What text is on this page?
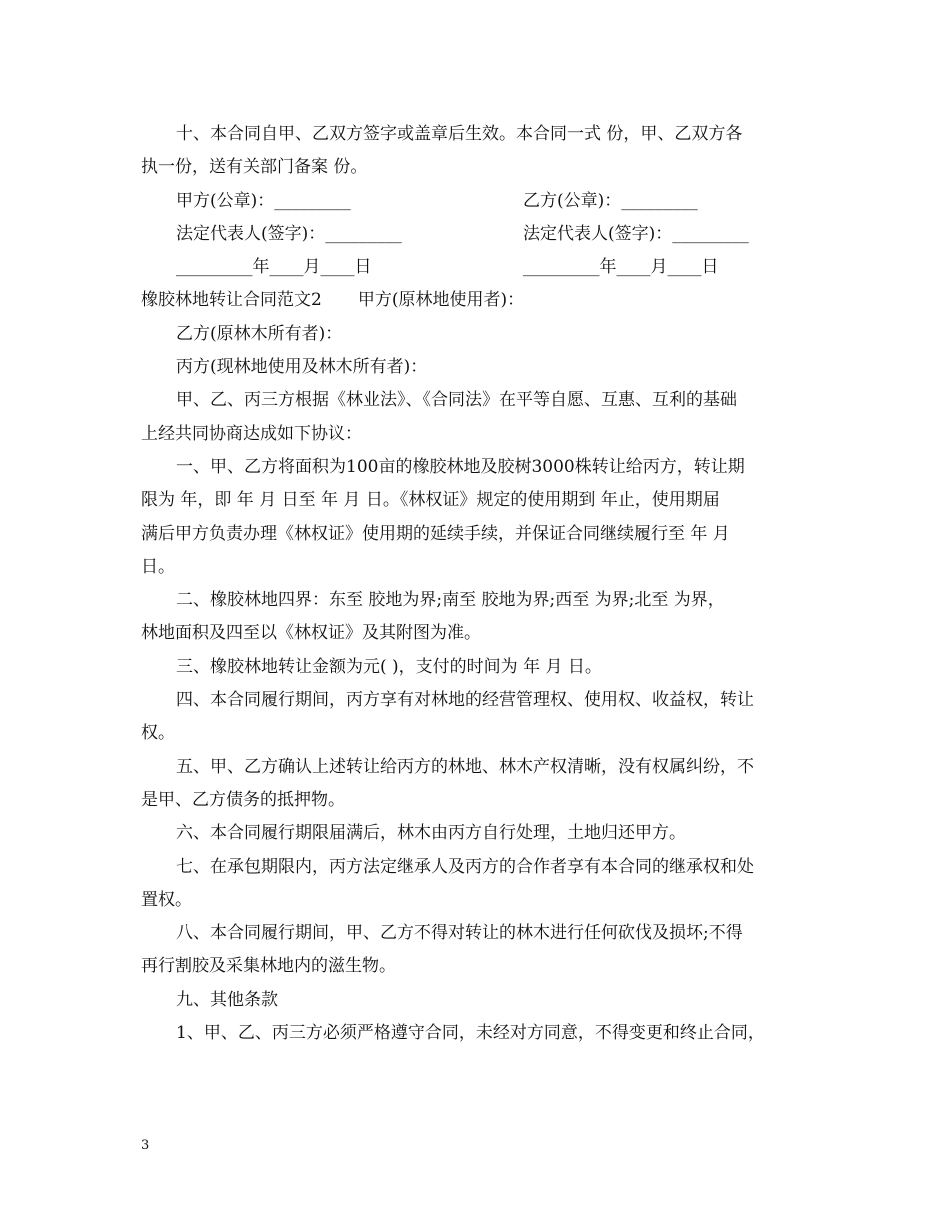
十、本合同自甲、乙双方签字或盖章后生效。本合同一式 份，甲、乙双方各
执一份，送有关部门备案 份。
甲方(公章)：_________	乙方(公章)：_________
法定代表人(签字)：_________	法定代表人(签字)：_________
_________年____月____日	_________年____月____日
橡胶林地转让合同范文2 甲方(原林地使用者)：
乙方(原林木所有者)：
丙方(现林地使用及林木所有者)：
甲、乙、丙三方根据《林业法》、《合同法》在平等自愿、互惠、互利的基础
上经共同协商达成如下协议：
一、甲、乙方将面积为100亩的橡胶林地及胶树3000株转让给丙方，转让期
限为 年，即 年 月 日至 年 月 日。《林权证》规定的使用期到 年止，使用期届
满后甲方负责办理《林权证》使用期的延续手续，并保证合同继续履行至 年 月
日。
二、橡胶林地四界：东至 胶地为界;南至 胶地为界;西至 为界;北至 为界，
林地面积及四至以《林权证》及其附图为准。
三、橡胶林地转让金额为元( )，支付的时间为 年 月 日。
四、本合同履行期间，丙方享有对林地的经营管理权、使用权、收益权，转让
权。
五、甲、乙方确认上述转让给丙方的林地、林木产权清晰，没有权属纠纷，不
是甲、乙方债务的抵押物。
六、本合同履行期限届满后，林木由丙方自行处理，土地归还甲方。
七、在承包期限内，丙方法定继承人及丙方的合作者享有本合同的继承权和处
置权。
八、本合同履行期间，甲、乙方不得对转让的林木进行任何砍伐及损坏;不得
再行割胶及采集林地内的滋生物。
九、其他条款
1、甲、乙、丙三方必须严格遵守合同，未经对方同意，不得变更和终止合同，
3
